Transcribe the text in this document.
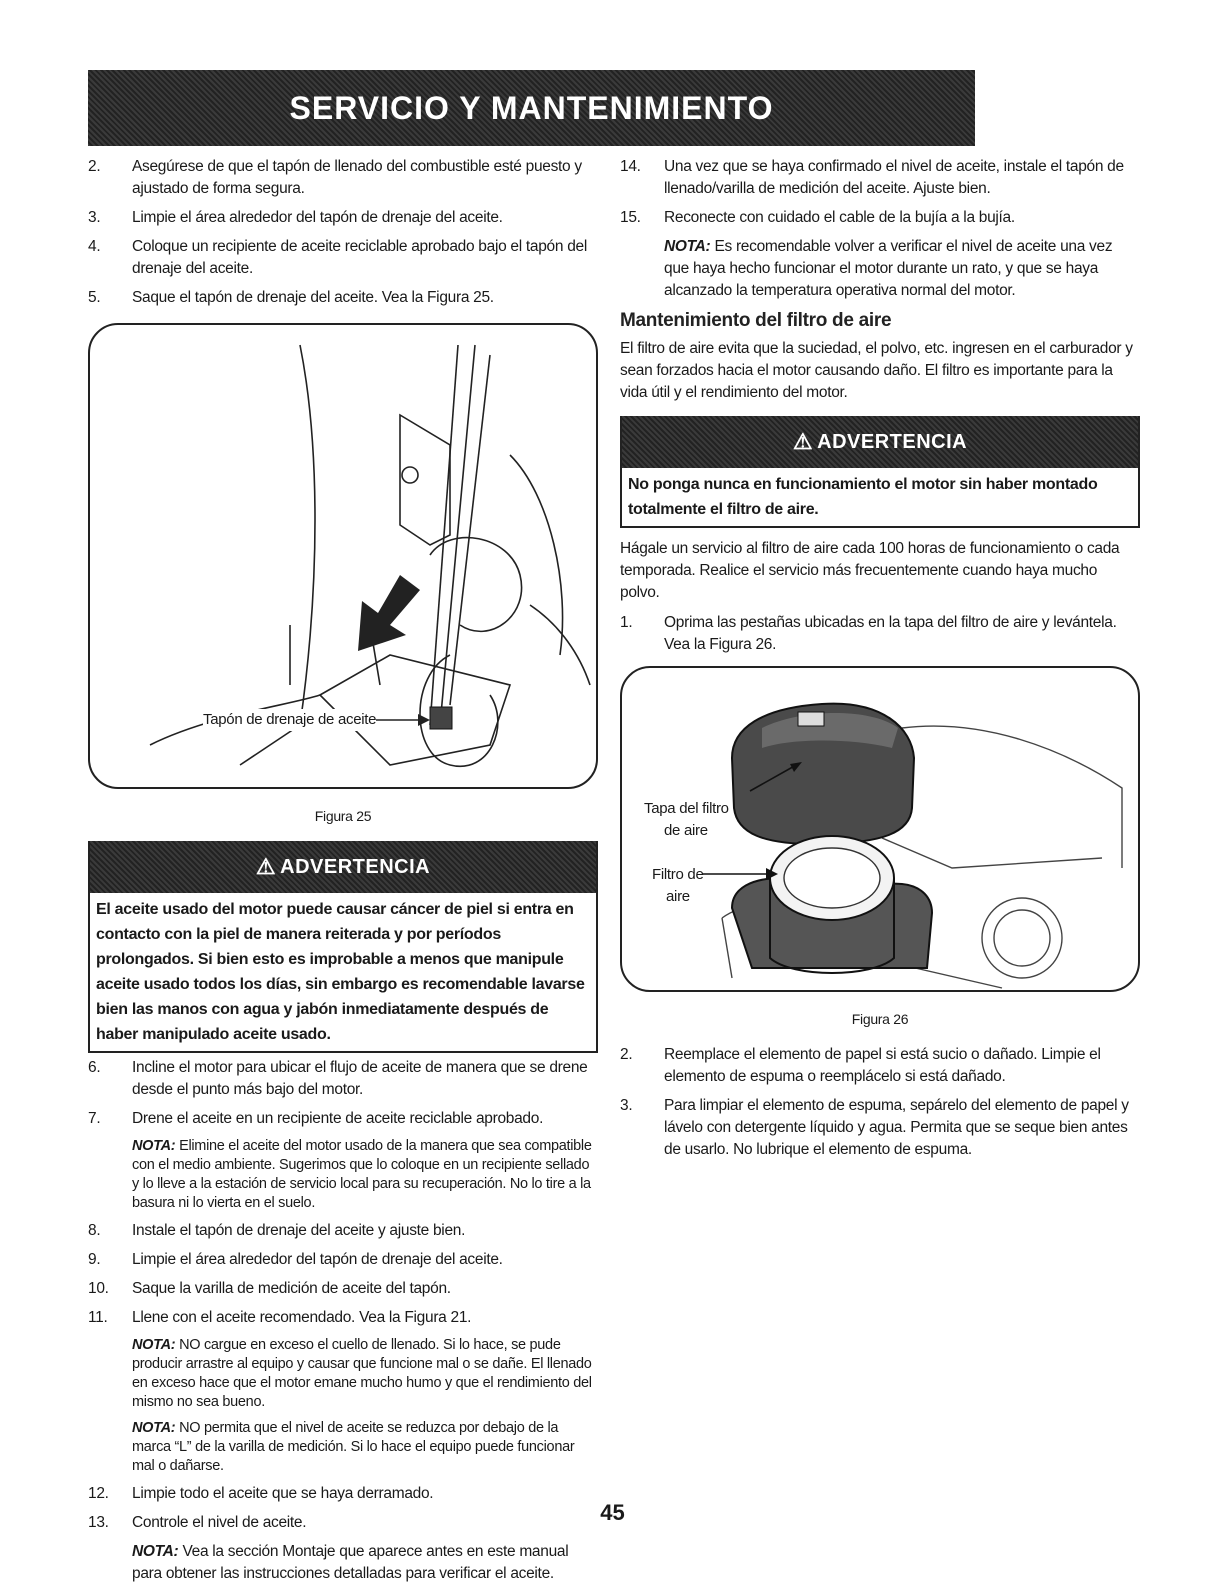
SERVICIO Y MANTENIMIENTO
2.	Asegúrese de que el tapón de llenado del combustible esté puesto y ajustado de forma segura.
3.	Limpie el área alrededor del tapón de drenaje del aceite.
4.	Coloque un recipiente de aceite reciclable aprobado bajo el tapón del drenaje del aceite.
5.	Saque el tapón de drenaje del aceite. Vea la Figura 25.
Tapón de drenaje de aceite
Figura 25
⚠ ADVERTENCIA
El aceite usado del motor puede causar cáncer de piel si entra en contacto con la piel de manera reiterada y por períodos prolongados. Si bien esto es improbable a menos que manipule aceite usado todos los días, sin embargo es recomendable lavarse bien las manos con agua y jabón inmediatamente después de haber manipulado aceite usado.
6.	Incline el motor para ubicar el flujo de aceite de manera que se drene desde el punto más bajo del motor.
7.	Drene el aceite en un recipiente de aceite reciclable aprobado.
NOTA: Elimine el aceite del motor usado de la manera que sea compatible con el medio ambiente. Sugerimos que lo coloque en un recipiente sellado y lo lleve a la estación de servicio local para su recuperación. No lo tire a la basura ni lo vierta en el suelo.
8.	Instale el tapón de drenaje del aceite y ajuste bien.
9.	Limpie el área alrededor del tapón de drenaje del aceite.
10.	Saque la varilla de medición de aceite del tapón.
11.	Llene con el aceite recomendado. Vea la Figura 21.
NOTA: NO cargue en exceso el cuello de llenado. Si lo hace, se pude producir arrastre al equipo y causar que funcione mal o se dañe. El llenado en exceso hace que el motor emane mucho humo y que el rendimiento del mismo no sea bueno.
NOTA: NO permita que el nivel de aceite se reduzca por debajo de la marca “L” de la varilla de medición. Si lo hace el equipo puede funcionar mal o dañarse.
12.	Limpie todo el aceite que se haya derramado.
13.	Controle el nivel de aceite.
NOTA: Vea la sección Montaje que aparece antes en este manual para obtener las instrucciones detalladas para verificar el aceite.
14.	Una vez que se haya confirmado el nivel de aceite, instale el tapón de llenado/varilla de medición del aceite. Ajuste bien.
15.	Reconecte con cuidado el cable de la bujía a la bujía.
NOTA: Es recomendable volver a verificar el nivel de aceite una vez que haya hecho funcionar el motor durante un rato, y que se haya alcanzado la temperatura operativa normal del motor.
Mantenimiento del filtro de aire

El filtro de aire evita que la suciedad, el polvo, etc. ingresen en el carburador y sean forzados hacia el motor causando daño. El filtro es importante para la vida útil y el rendimiento del motor.

⚠ ADVERTENCIA
No ponga nunca en funcionamiento el motor sin haber montado totalmente el filtro de aire.

Hágale un servicio al filtro de aire cada 100 horas de funcionamiento o cada temporada. Realice el servicio más frecuentemente cuando haya mucho polvo.

1.	Oprima las pestañas ubicadas en la tapa del filtro de aire y levántela. Vea la Figura 26.
Tapa del filtro
de aire
Filtro de
aire
Figura 26
2.	Reemplace el elemento de papel si está sucio o dañado. Limpie el elemento de espuma o reemplácelo si está dañado.
3.	Para limpiar el elemento de espuma, sepárelo del elemento de papel y lávelo con detergente líquido y agua. Permita que se seque bien antes de usarlo. No lubrique el elemento de espuma.
45
